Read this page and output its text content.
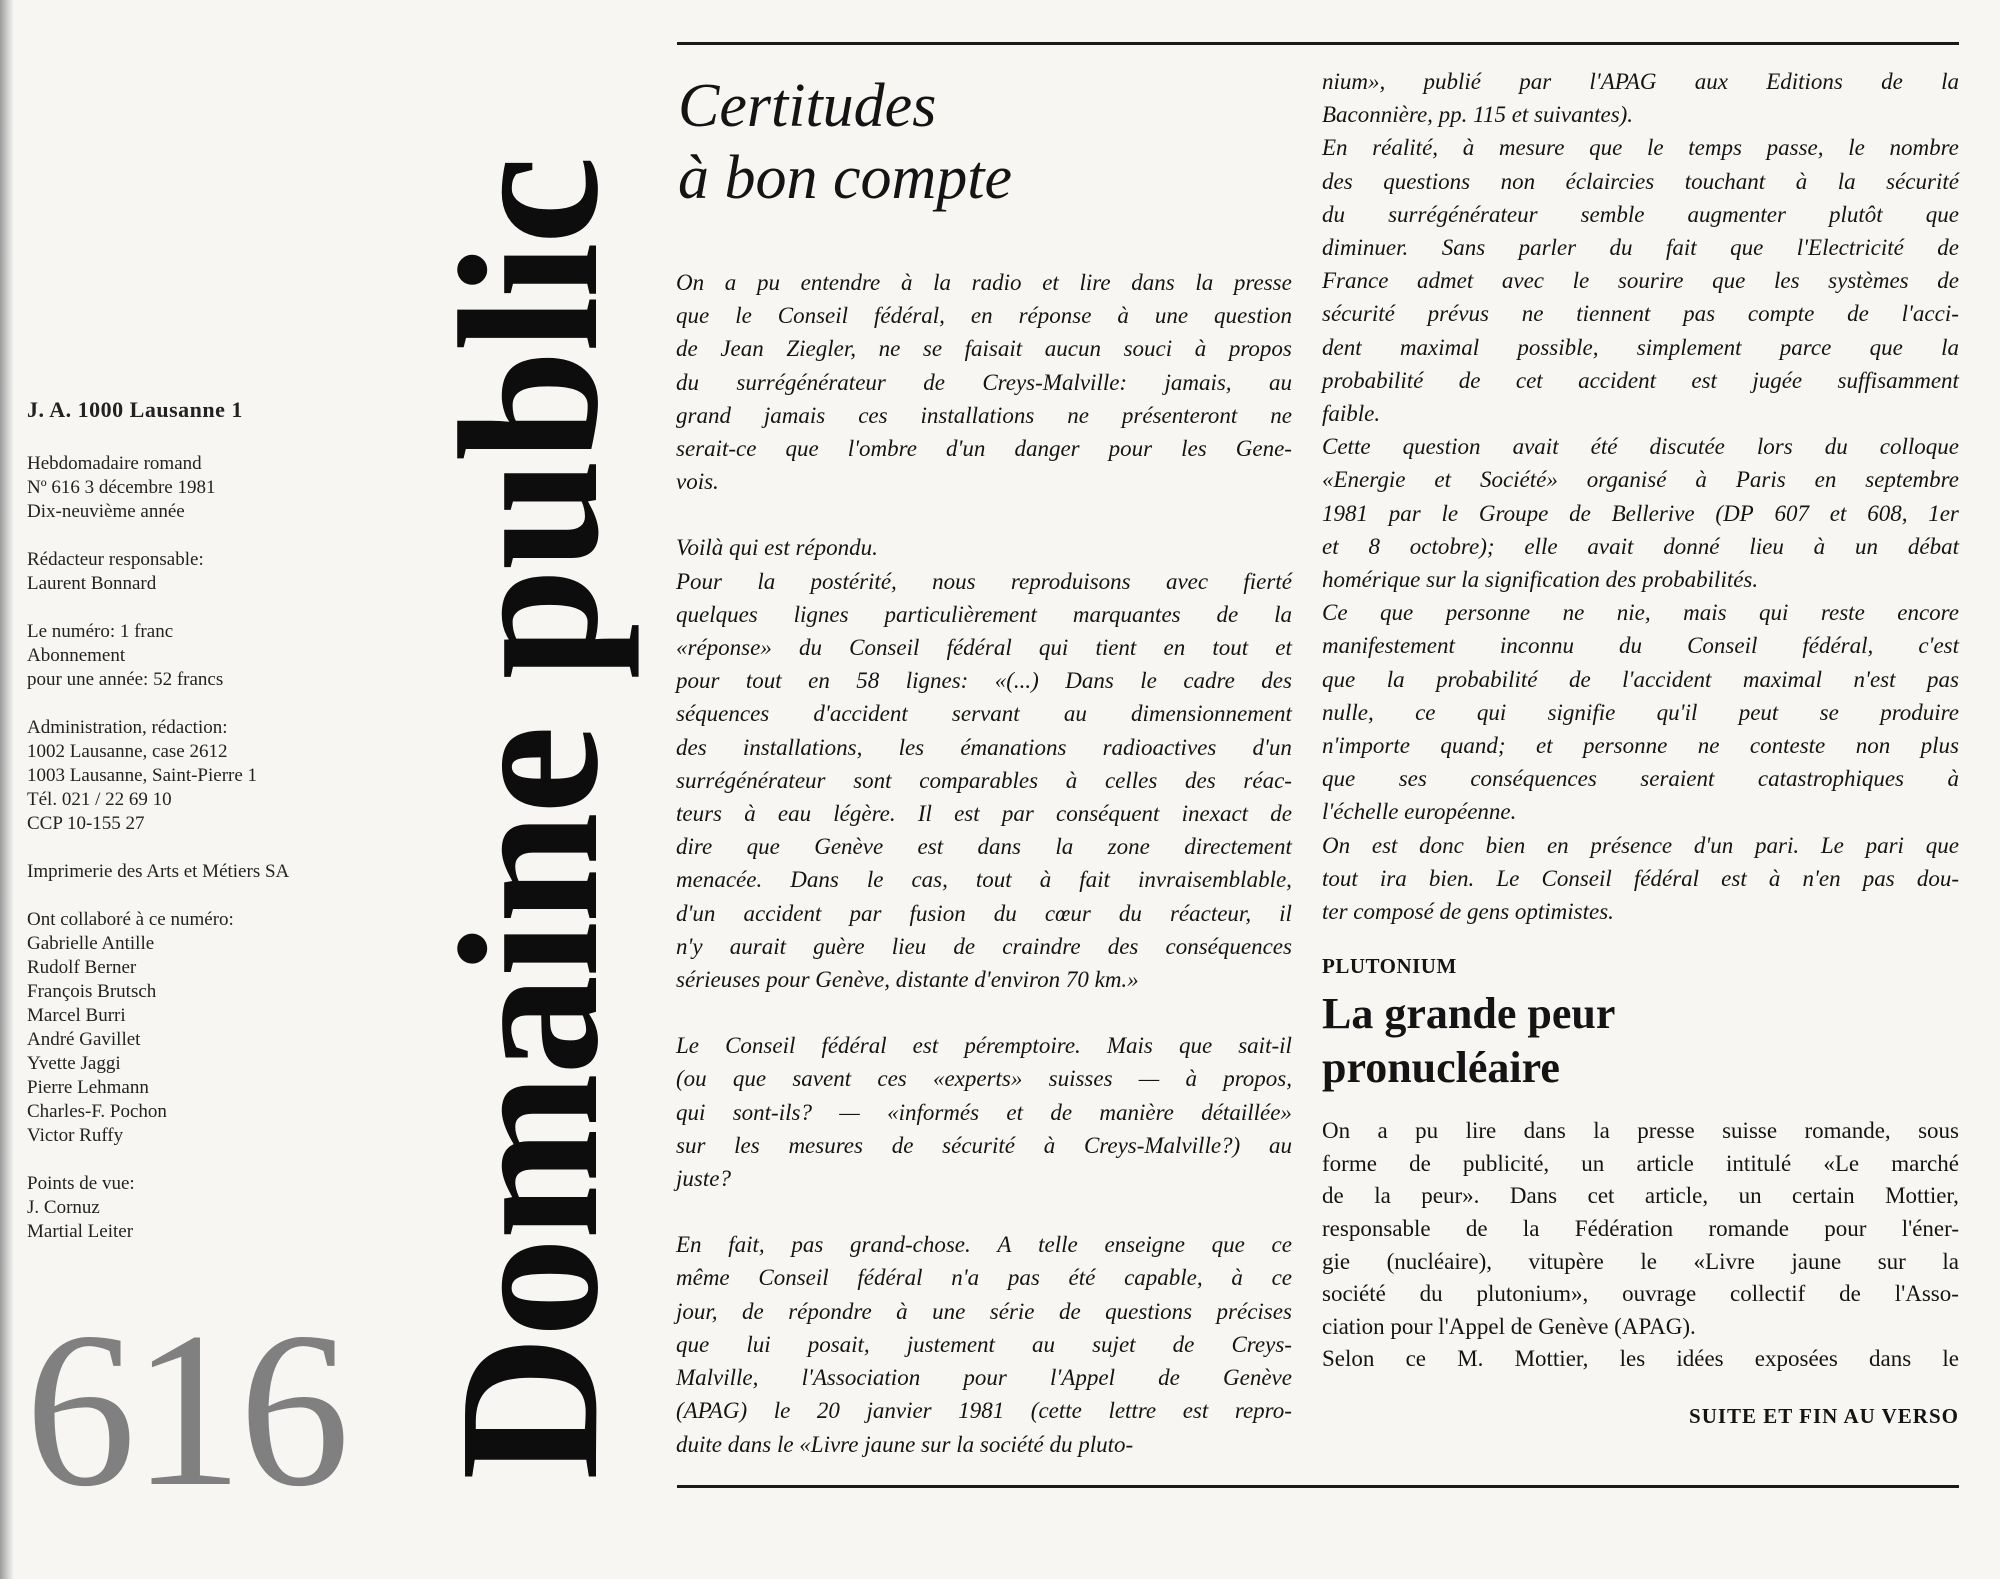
J. A. 1000 Lausanne 1
Hebdomadaire romand
Nº 616 3 décembre 1981
Dix-neuvième année
Rédacteur responsable:
Laurent Bonnard
Le numéro: 1 franc
Abonnement
pour une année: 52 francs
Administration, rédaction:
1002 Lausanne, case 2612
1003 Lausanne, Saint-Pierre 1
Tél. 021 / 22 69 10
CCP 10-155 27
Imprimerie des Arts et Métiers SA
Ont collaboré à ce numéro:
Gabrielle Antille
Rudolf Berner
François Brutsch
Marcel Burri
André Gavillet
Yvette Jaggi
Pierre Lehmann
Charles-F. Pochon
Victor Ruffy
Points de vue:
J. Cornuz
Martial Leiter
616 Domaine public
Certitudes
à bon compte
On a pu entendre à la radio et lire dans la presse
que le Conseil fédéral, en réponse à une question
de Jean Ziegler, ne se faisait aucun souci à propos
du surrégénérateur de Creys-Malville: jamais, au
grand jamais ces installations ne présenteront ne
serait-ce que l'ombre d'un danger pour les Gene-
vois.
Voilà qui est répondu.
Pour la postérité, nous reproduisons avec fierté
quelques lignes particulièrement marquantes de la
«réponse» du Conseil fédéral qui tient en tout et
pour tout en 58 lignes: «(...) Dans le cadre des
séquences d'accident servant au dimensionnement
des installations, les émanations radioactives d'un
surrégénérateur sont comparables à celles des réac-
teurs à eau légère. Il est par conséquent inexact de
dire que Genève est dans la zone directement
menacée. Dans le cas, tout à fait invraisemblable,
d'un accident par fusion du cœur du réacteur, il
n'y aurait guère lieu de craindre des conséquences
sérieuses pour Genève, distante d'environ 70 km.»
Le Conseil fédéral est péremptoire. Mais que sait-il
(ou que savent ces «experts» suisses — à propos,
qui sont-ils? — «informés et de manière détaillée»
sur les mesures de sécurité à Creys-Malville?) au
juste?
En fait, pas grand-chose. A telle enseigne que ce
même Conseil fédéral n'a pas été capable, à ce
jour, de répondre à une série de questions précises
que lui posait, justement au sujet de Creys-
Malville, l'Association pour l'Appel de Genève
(APAG) le 20 janvier 1981 (cette lettre est repro-
duite dans le «Livre jaune sur la société du pluto-
nium», publié par l'APAG aux Editions de la
Baconnière, pp. 115 et suivantes).
En réalité, à mesure que le temps passe, le nombre
des questions non éclaircies touchant à la sécurité
du surrégénérateur semble augmenter plutôt que
diminuer. Sans parler du fait que l'Electricité de
France admet avec le sourire que les systèmes de
sécurité prévus ne tiennent pas compte de l'acci-
dent maximal possible, simplement parce que la
probabilité de cet accident est jugée suffisamment
faible.
Cette question avait été discutée lors du colloque
«Energie et Société» organisé à Paris en septembre
1981 par le Groupe de Bellerive (DP 607 et 608, 1er
et 8 octobre); elle avait donné lieu à un débat
homérique sur la signification des probabilités.
Ce que personne ne nie, mais qui reste encore
manifestement inconnu du Conseil fédéral, c'est
que la probabilité de l'accident maximal n'est pas
nulle, ce qui signifie qu'il peut se produire
n'importe quand; et personne ne conteste non plus
que ses conséquences seraient catastrophiques à
l'échelle européenne.
On est donc bien en présence d'un pari. Le pari que
tout ira bien. Le Conseil fédéral est à n'en pas dou-
ter composé de gens optimistes.
PLUTONIUM
La grande peur
pronucléaire
On a pu lire dans la presse suisse romande, sous
forme de publicité, un article intitulé «Le marché
de la peur». Dans cet article, un certain Mottier,
responsable de la Fédération romande pour l'éner-
gie (nucléaire), vitupère le «Livre jaune sur la
société du plutonium», ouvrage collectif de l'Asso-
ciation pour l'Appel de Genève (APAG).
Selon ce M. Mottier, les idées exposées dans le
SUITE ET FIN AU VERSO
